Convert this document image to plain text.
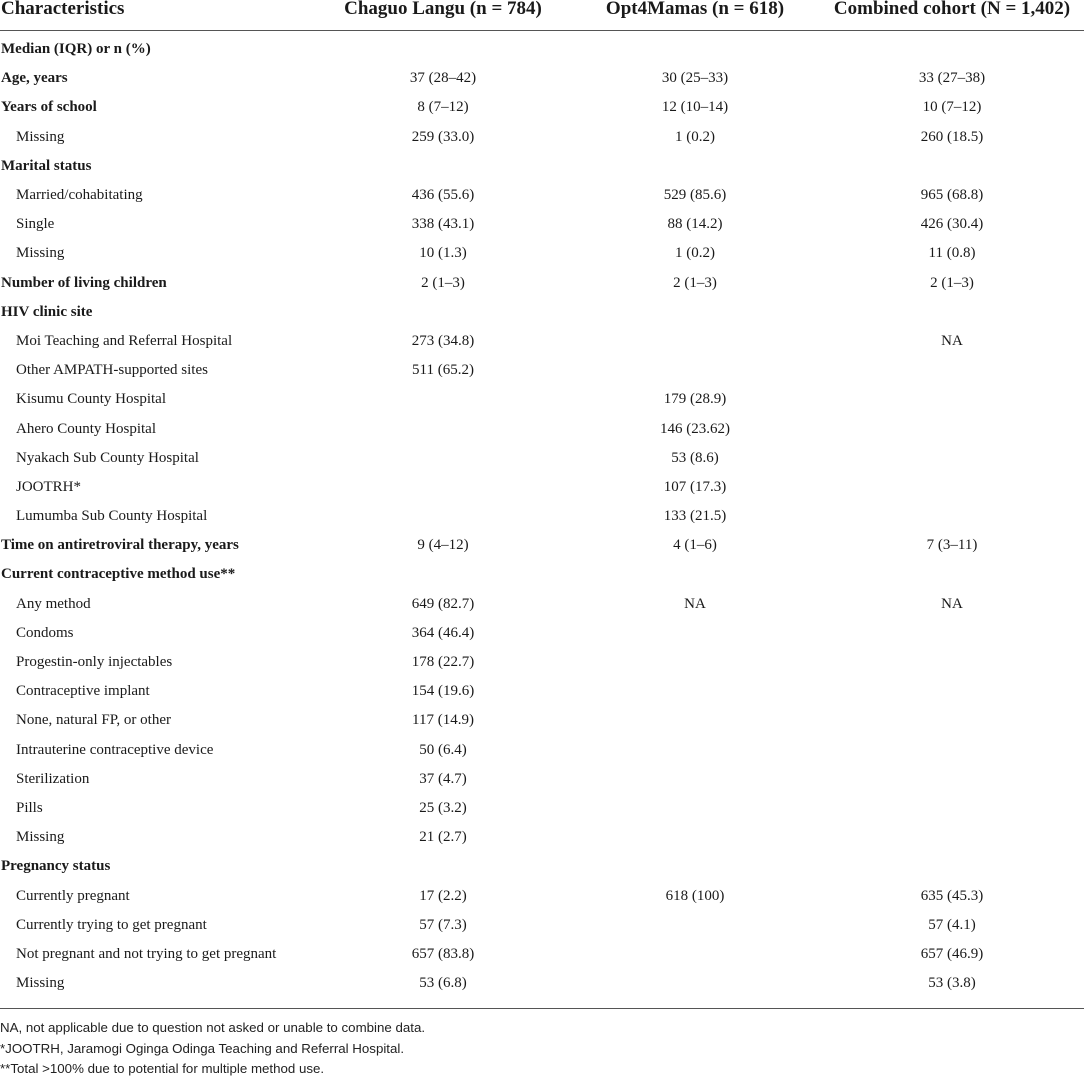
Characteristics	Chaguo Langu (n = 784)	Opt4Mamas (n = 618)	Combined cohort (N = 1,402)
Median (IQR) or n (%)			
Age, years	37 (28–42)	30 (25–33)	33 (27–38)
Years of school	8 (7–12)	12 (10–14)	10 (7–12)
Missing	259 (33.0)	1 (0.2)	260 (18.5)
Marital status			
Married/cohabitating	436 (55.6)	529 (85.6)	965 (68.8)
Single	338 (43.1)	88 (14.2)	426 (30.4)
Missing	10 (1.3)	1 (0.2)	11 (0.8)
Number of living children	2 (1–3)	2 (1–3)	2 (1–3)
HIV clinic site			
Moi Teaching and Referral Hospital	273 (34.8)		NA
Other AMPATH-supported sites	511 (65.2)		
Kisumu County Hospital		179 (28.9)	
Ahero County Hospital		146 (23.62)	
Nyakach Sub County Hospital		53 (8.6)	
JOOTRH*		107 (17.3)	
Lumumba Sub County Hospital		133 (21.5)	
Time on antiretroviral therapy, years	9 (4–12)	4 (1–6)	7 (3–11)
Current contraceptive method use**			
Any method	649 (82.7)	NA	NA
Condoms	364 (46.4)		
Progestin-only injectables	178 (22.7)		
Contraceptive implant	154 (19.6)		
None, natural FP, or other	117 (14.9)		
Intrauterine contraceptive device	50 (6.4)		
Sterilization	37 (4.7)		
Pills	25 (3.2)		
Missing	21 (2.7)		
Pregnancy status			
Currently pregnant	17 (2.2)	618 (100)	635 (45.3)
Currently trying to get pregnant	57 (7.3)		57 (4.1)
Not pregnant and not trying to get pregnant	657 (83.8)		657 (46.9)
Missing	53 (6.8)		53 (3.8)
NA, not applicable due to question not asked or unable to combine data.
*JOOTRH, Jaramogi Oginga Odinga Teaching and Referral Hospital.
**Total >100% due to potential for multiple method use.
